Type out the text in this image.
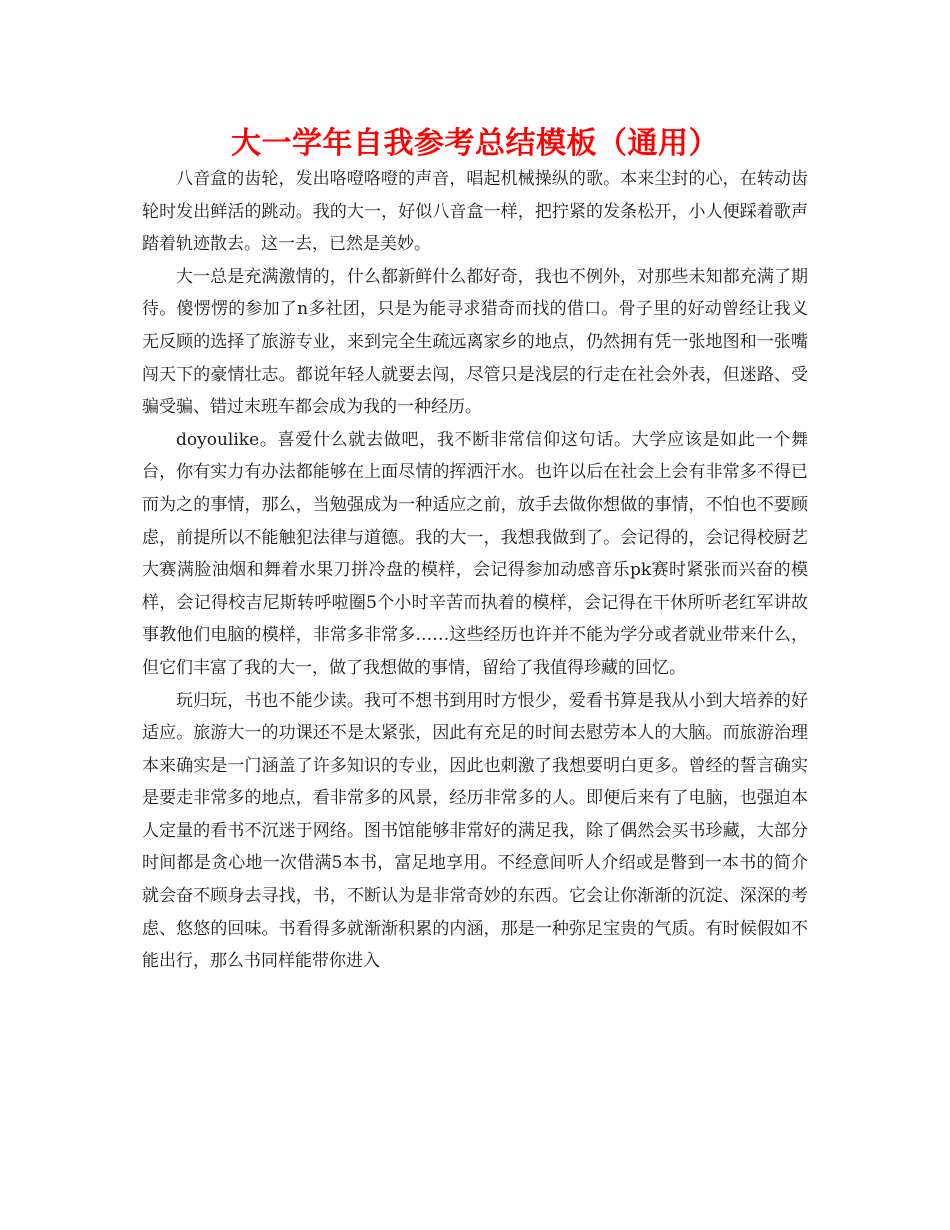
大一学年自我参考总结模板（通用）

八音盒的齿轮，发出咯噔咯噔的声音，唱起机械操纵的歌。本来尘封的心，在转动齿轮时发出鲜活的跳动。我的大一，好似八音盒一样，把拧紧的发条松开，小人便踩着歌声踏着轨迹散去。这一去，已然是美妙。

大一总是充满激情的，什么都新鲜什么都好奇，我也不例外，对那些未知都充满了期待。傻愣愣的参加了n多社团，只是为能寻求猎奇而找的借口。骨子里的好动曾经让我义无反顾的选择了旅游专业，来到完全生疏远离家乡的地点，仍然拥有凭一张地图和一张嘴闯天下的豪情壮志。都说年轻人就要去闯，尽管只是浅层的行走在社会外表，但迷路、受骗受骗、错过末班车都会成为我的一种经历。

doyoulike。喜爱什么就去做吧，我不断非常信仰这句话。大学应该是如此一个舞台，你有实力有办法都能够在上面尽情的挥洒汗水。也许以后在社会上会有非常多不得已而为之的事情，那么，当勉强成为一种适应之前，放手去做你想做的事情，不怕也不要顾虑，前提所以不能触犯法律与道德。我的大一，我想我做到了。会记得的，会记得校厨艺大赛满脸油烟和舞着水果刀拼冷盘的模样，会记得参加动感音乐pk赛时紧张而兴奋的模样，会记得校吉尼斯转呼啦圈5个小时辛苦而执着的模样，会记得在干休所听老红军讲故事教他们电脑的模样，非常多非常多……这些经历也许并不能为学分或者就业带来什么，但它们丰富了我的大一，做了我想做的事情，留给了我值得珍藏的回忆。

玩归玩，书也不能少读。我可不想书到用时方恨少，爱看书算是我从小到大培养的好适应。旅游大一的功课还不是太紧张，因此有充足的时间去慰劳本人的大脑。而旅游治理本来确实是一门涵盖了许多知识的专业，因此也刺激了我想要明白更多。曾经的誓言确实是要走非常多的地点，看非常多的风景，经历非常多的人。即便后来有了电脑，也强迫本人定量的看书不沉迷于网络。图书馆能够非常好的满足我，除了偶然会买书珍藏，大部分时间都是贪心地一次借满5本书，富足地享用。不经意间听人介绍或是瞥到一本书的简介就会奋不顾身去寻找，书，不断认为是非常奇妙的东西。它会让你渐渐的沉淀、深深的考虑、悠悠的回味。书看得多就渐渐积累的内涵，那是一种弥足宝贵的气质。有时候假如不能出行，那么书同样能带你进入
